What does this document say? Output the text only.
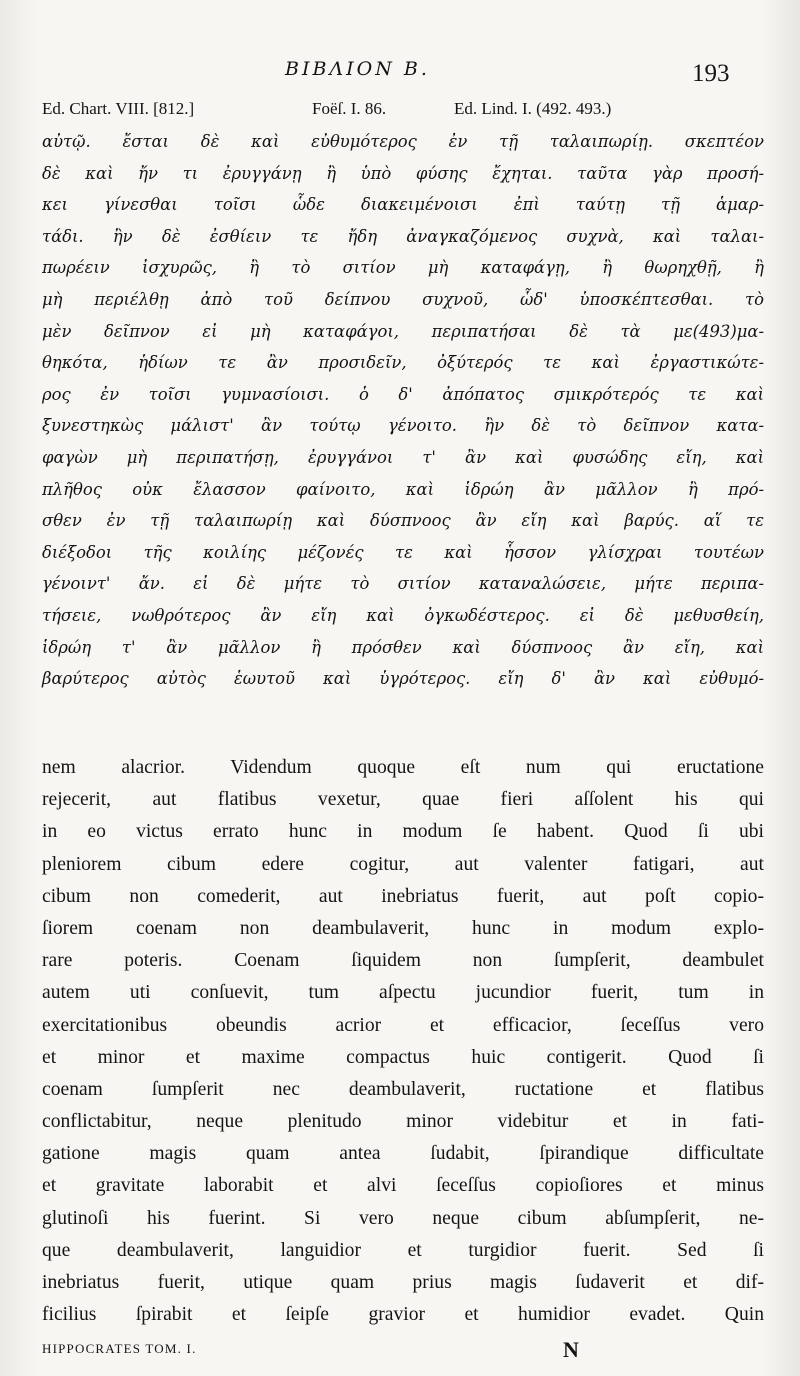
ΒΙΒΛΙΟΝ Β.	193
Ed. Chart. VIII. [812.]	Foëſ. I. 86.	Ed. Lind. I. (492. 493.)
αὐτῷ. ἔσται δὲ καὶ εὐθυμότερος ἐν τῇ ταλαιπωρίῃ. σκεπτέον
δὲ καὶ ἤν τι ἐρυγγάνῃ ἢ ὑπὸ φύσης ἔχηται. ταῦτα γὰρ προσή-
κει γίνεσθαι τοῖσι ὧδε διακειμένοισι ἐπὶ ταύτῃ τῇ ἁμαρ-
τάδι. ἢν δὲ ἐσθίειν τε ἤδη ἀναγκαζόμενος συχνὰ, καὶ ταλαι-
πωρέειν ἰσχυρῶς, ἢ τὸ σιτίον μὴ καταφάγῃ, ἢ θωρηχθῇ, ἢ
μὴ περιέλθῃ ἀπὸ τοῦ δείπνου συχνοῦ, ὧδ' ὑποσκέπτεσθαι. τὸ
μὲν δεῖπνον εἰ μὴ καταφάγοι, περιπατήσαι δὲ τὰ με(493)μα-
θηκότα, ἡδίων τε ἂν προσιδεῖν, ὀξύτερός τε καὶ ἐργαστικώτε-
ρος ἐν τοῖσι γυμνασίοισι. ὁ δ' ἀπόπατος σμικρότερός τε καὶ
ξυνεστηκὼς μάλιστ' ἂν τούτῳ γένοιτο. ἢν δὲ τὸ δεῖπνον κατα-
φαγὼν μὴ περιπατήσῃ, ἐρυγγάνοι τ' ἂν καὶ φυσώδης εἴη, καὶ
πλῆθος οὐκ ἔλασσον φαίνοιτο, καὶ ἱδρώη ἂν μᾶλλον ἢ πρό-
σθεν ἐν τῇ ταλαιπωρίῃ καὶ δύσπνοος ἂν εἴη καὶ βαρύς. αἵ τε
διέξοδοι τῆς κοιλίης μέζονές τε καὶ ἧσσον γλίσχραι τουτέων
γένοιντ' ἄν. εἰ δὲ μήτε τὸ σιτίον καταναλώσειε, μήτε περιπα-
τήσειε, νωθρότερος ἂν εἴη καὶ ὀγκωδέστερος. εἰ δὲ μεθυσθείη,
ἱδρώη τ' ἂν μᾶλλον ἢ πρόσθεν καὶ δύσπνοος ἂν εἴη, καὶ
βαρύτερος αὐτὸς ἑωυτοῦ καὶ ὑγρότερος. εἴη δ' ἂν καὶ εὐθυμό-
nem alacrior. Videndum quoque eſt num qui eructatione
rejecerit, aut flatibus vexetur, quae fieri aſſolent his qui
in eo victus errato hunc in modum ſe habent. Quod ſi ubi
pleniorem cibum edere cogitur, aut valenter fatigari, aut
cibum non comederit, aut inebriatus fuerit, aut poſt copio-
ſiorem coenam non deambulaverit, hunc in modum explo-
rare poteris. Coenam ſiquidem non ſumpſerit, deambulet
autem uti conſuevit, tum aſpectu jucundior fuerit, tum in
exercitationibus obeundis acrior et efficacior, ſeceſſus vero
et minor et maxime compactus huic contigerit. Quod ſi
coenam ſumpſerit nec deambulaverit, ructatione et flatibus
conflictabitur, neque plenitudo minor videbitur et in fati-
gatione magis quam antea ſudabit, ſpirandique difficultate
et gravitate laborabit et alvi ſeceſſus copioſiores et minus
glutinoſi his fuerint. Si vero neque cibum abſumpſerit, ne-
que deambulaverit, languidior et turgidior fuerit. Sed ſi
inebriatus fuerit, utique quam prius magis ſudaverit et dif-
ficilius ſpirabit et ſeipſe gravior et humidior evadet. Quin
HIPPOCRATES TOM. I.	N
